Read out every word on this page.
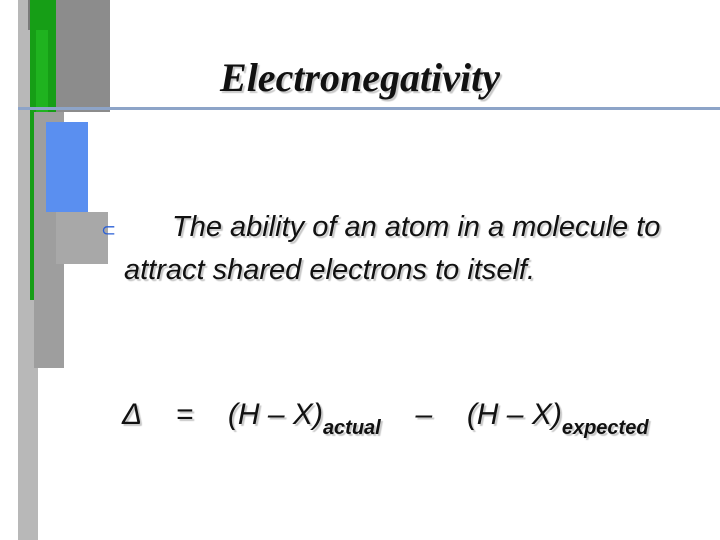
Electronegativity
⊂	The ability of an atom in a molecule to attract shared electrons to itself.

$\Delta = (H - X)_{actual} - (H - X)_{expected}$
